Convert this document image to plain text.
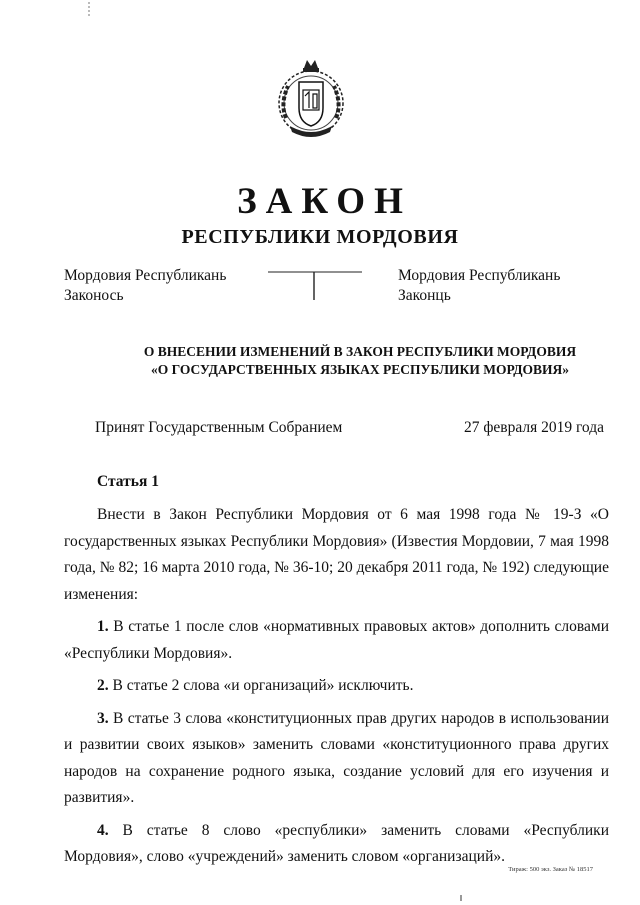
ЗАКОН
РЕСПУБЛИКИ МОРДОВИЯ
Мордовия Республикань
Законось
Мордовия Республикань
Законць
О ВНЕСЕНИИ ИЗМЕНЕНИЙ В ЗАКОН РЕСПУБЛИКИ МОРДОВИЯ
«О ГОСУДАРСТВЕННЫХ ЯЗЫКАХ РЕСПУБЛИКИ МОРДОВИЯ»
Принят Государственным Собранием	27 февраля 2019 года
Статья 1

Внести в Закон Республики Мордовия от 6 мая 1998 года № 19-З «О государственных языках Республики Мордовия» (Известия Мордовии, 7 мая 1998 года, № 82; 16 марта 2010 года, № 36-10; 20 декабря 2011 года, № 192) следующие изменения:

1. В статье 1 после слов «нормативных правовых актов» дополнить словами «Республики Мордовия».

2. В статье 2 слова «и организаций» исключить.

3. В статье 3 слова «конституционных прав других народов в использовании и развитии своих языков» заменить словами «конституционного права других народов на сохранение родного языка, создание условий для его изучения и развития».

4. В статье 8 слово «республики» заменить словами «Республики Мордовия», слово «учреждений» заменить словом «организаций».

Тираж: 500 экз. Заказ № 18517
